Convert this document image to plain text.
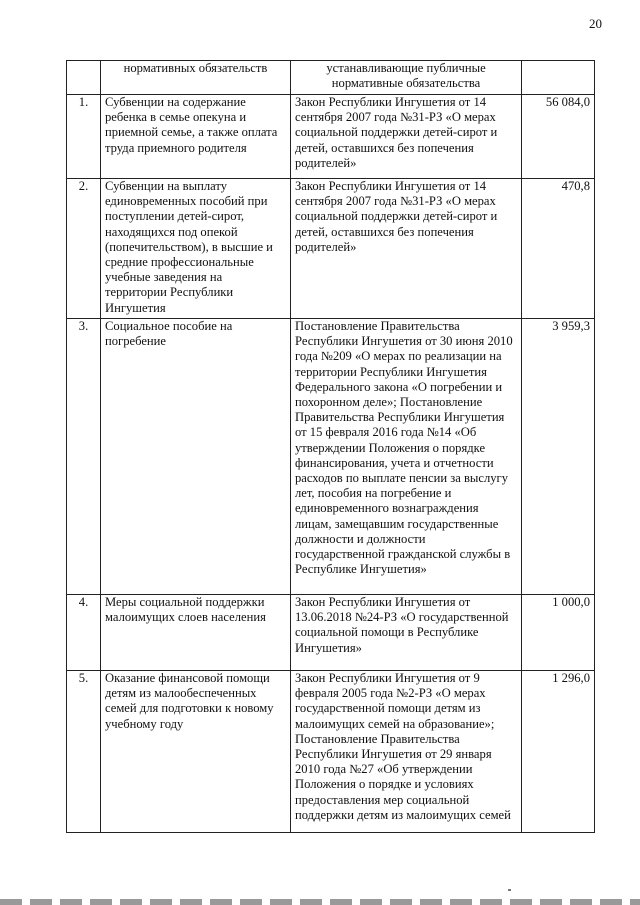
20
	нормативных обязательств	устанавливающие публичные нормативные обязательства	
1.	Субвенции на содержание ребенка в семье опекуна и приемной семье, а также оплата труда приемного родителя	Закон Республики Ингушетия от 14 сентября 2007 года №31-РЗ «О мерах социальной поддержки детей-сирот и детей, оставшихся без попечения родителей»	56 084,0
2.	Субвенции на выплату единовременных пособий при поступлении детей-сирот, находящихся под опекой (попечительством), в высшие и средние профессиональные учебные заведения на территории Республики Ингушетия	Закон Республики Ингушетия от 14 сентября 2007 года №31-РЗ «О мерах социальной поддержки детей-сирот и детей, оставшихся без попечения родителей»	470,8
3.	Социальное пособие на погребение	Постановление Правительства Республики Ингушетия от 30 июня 2010 года №209 «О мерах по реализации на территории Республики Ингушетия Федерального закона «О погребении и похоронном деле»; Постановление Правительства Республики Ингушетия от 15 февраля 2016 года №14 «Об утверждении Положения о порядке финансирования, учета и отчетности расходов по выплате пенсии за выслугу лет, пособия на погребение и единовременного вознаграждения лицам, замещавшим государственные должности и должности государственной гражданской службы в Республике Ингушетия»	3 959,3
4.	Меры социальной поддержки малоимущих слоев населения	Закон Республики Ингушетия от 13.06.2018 №24-РЗ «О государственной социальной помощи в Республике Ингушетия»	1 000,0
5.	Оказание финансовой помощи детям из малообеспеченных семей для подготовки к новому учебному году	Закон Республики Ингушетия от 9 февраля 2005 года №2-РЗ «О мерах государственной помощи детям из малоимущих семей на образование»; Постановление Правительства Республики Ингушетия от 29 января 2010 года №27 «Об утверждении Положения о порядке и условиях предоставления мер социальной поддержки детям из малоимущих семей	1 296,0
